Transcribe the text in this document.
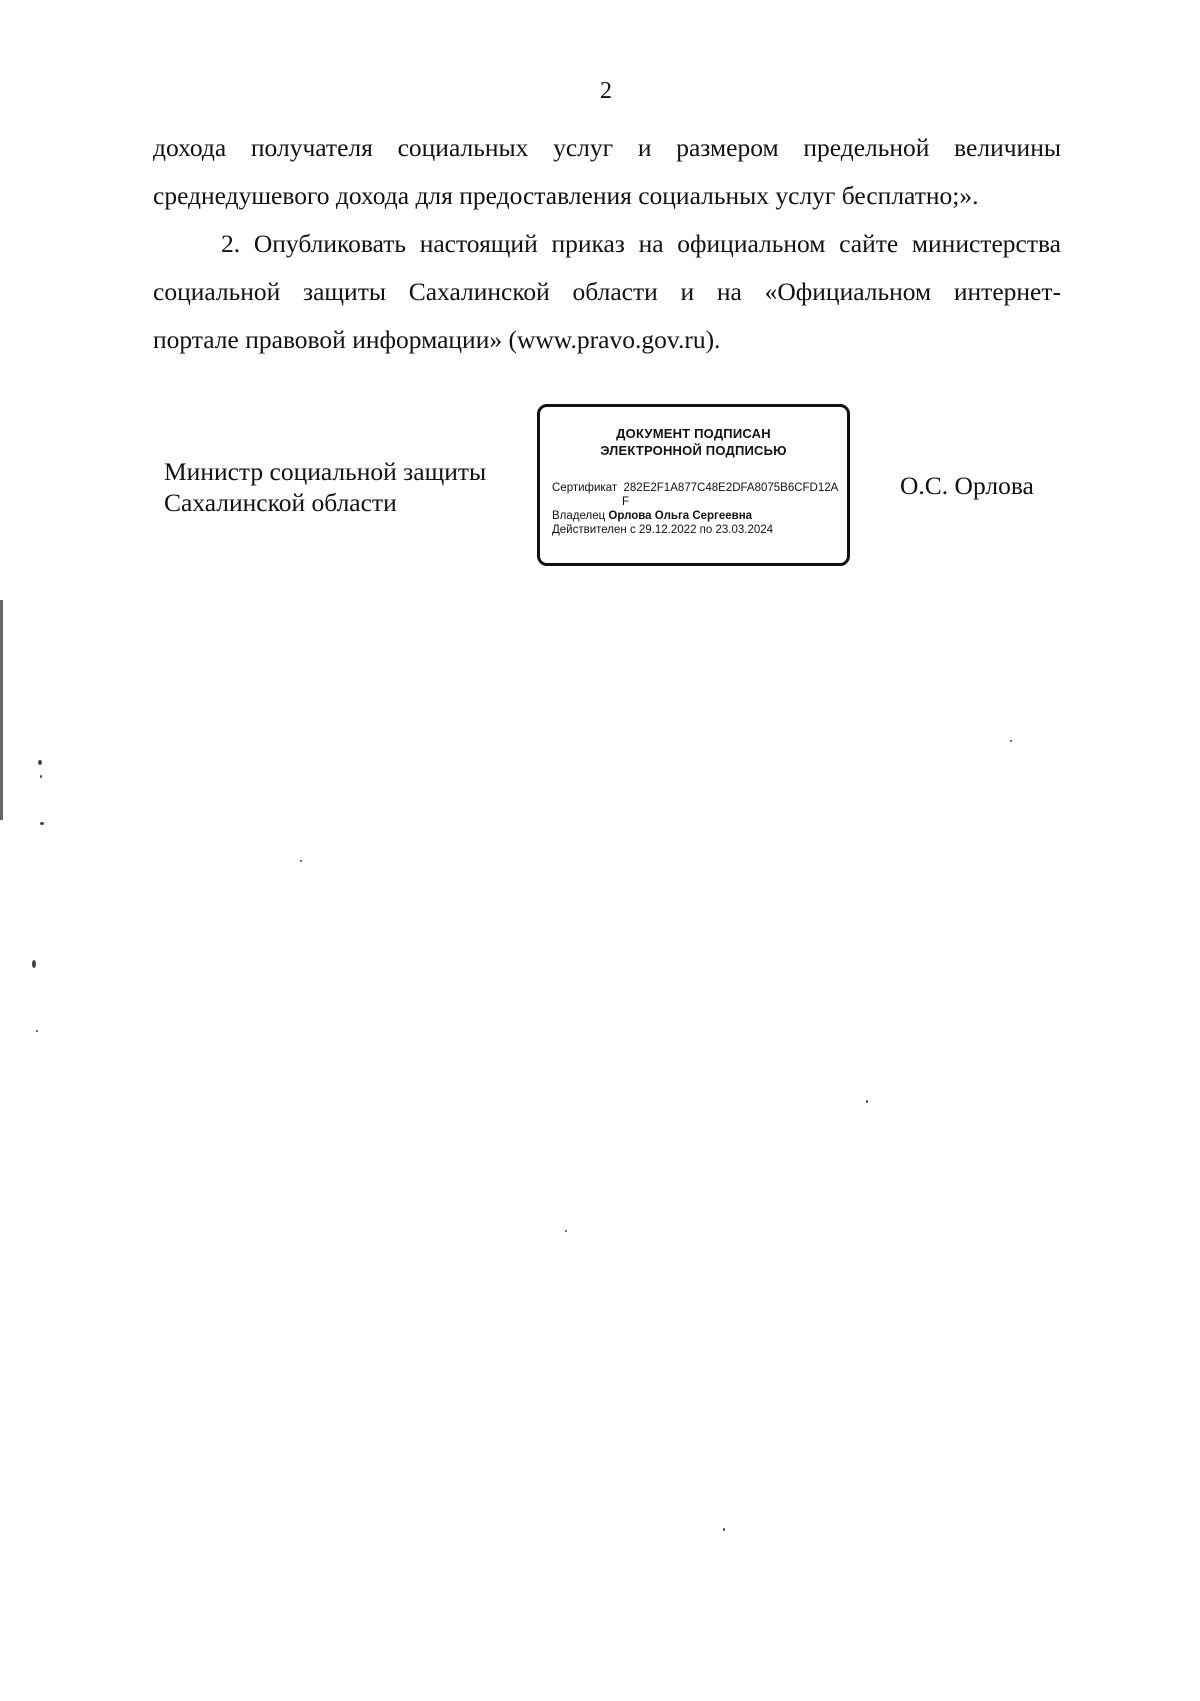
2

дохода получателя социальных услуг и размером предельной величины

среднедушевого дохода для предоставления социальных услуг бесплатно;».

2. Опубликовать настоящий приказ на официальном сайте министерства

социальной защиты Сахалинской области и на «Официальном интернет-

портале правовой информации» (www.pravo.gov.ru).

Министр социальной защиты
Сахалинской области
ДОКУМЕНТ ПОДПИСАН
ЭЛЕКТРОННОЙ ПОДПИСЬЮ
Сертификат 282E2F1A877C48E2DFA8075B6CFD12A
F
Владелец Орлова Ольга Сергеевна
Действителен с 29.12.2022 по 23.03.2024
О.С. Орлова
